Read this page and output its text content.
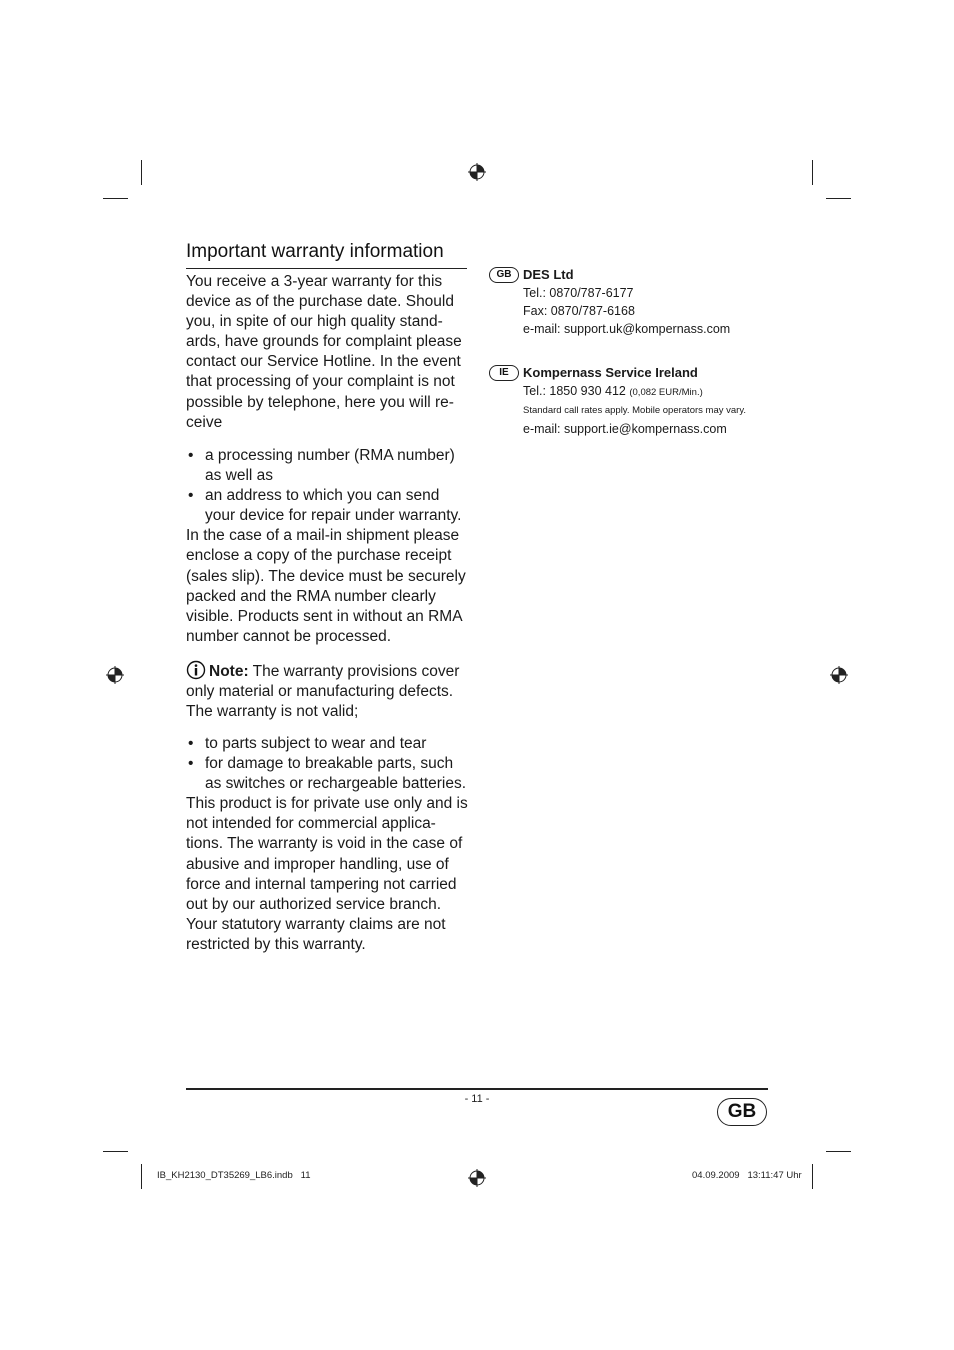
Important warranty information

You receive a 3-year warranty for this device as of the purchase date. Should you, in spite of our high quality stand-ards, have grounds for complaint please contact our Service Hotline. In the event that processing of your complaint is not possible by telephone, here you will re-ceive

• a processing number (RMA number) as well as
• an address to which you can send your device for repair under warranty.

In the case of a mail-in shipment please enclose a copy of the purchase receipt (sales slip). The device must be securely packed and the RMA number clearly visible. Products sent in without an RMA number cannot be processed.

Note: The warranty provisions cover only material or manufacturing defects. The warranty is not valid;

• to parts subject to wear and tear
• for damage to breakable parts, such as switches or rechargeable batteries.

This product is for private use only and is not intended for commercial applica-tions. The warranty is void in the case of abusive and improper handling, use of force and internal tampering not carried out by our authorized service branch. Your statutory warranty claims are not restricted by this warranty.

GB DES Ltd
Tel.: 0870/787-6177
Fax: 0870/787-6168
e-mail: support.uk@kompernass.com
IE	Kompernass Service Ireland
Tel.: 1850 930 412 (0,082 EUR/Min.)
Standard call rates apply. Mobile operators may vary.
e-mail: support.ie@kompernass.com
- 11 -
GB
IB_KH2130_DT35269_LB6.indb   11	04.09.2009   13:11:47 Uhr
